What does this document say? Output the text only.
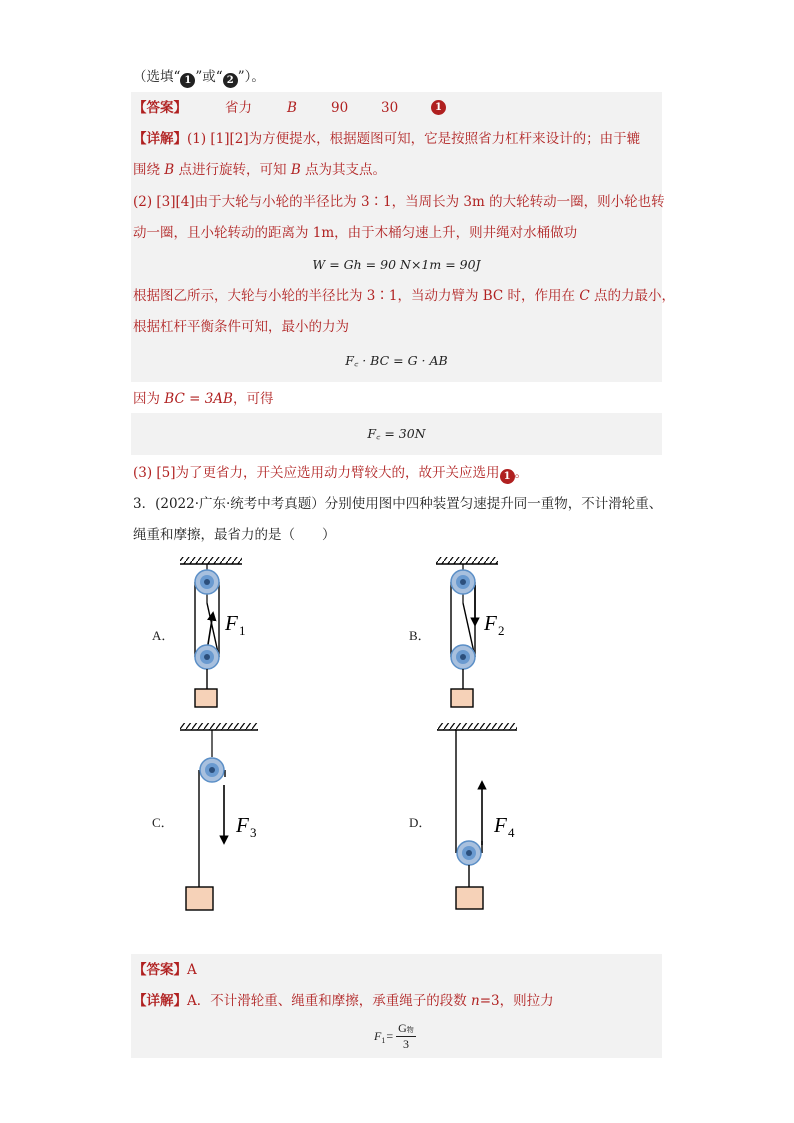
（选填“ 1 ”或“ 2 ”）。
【答案】	省力	B	90 30	1
【详解】(1) [1][2]为方便提水，根据题图可知，它是按照省力杠杆来设计的；由于辘
围绕 B 点进行旋转，可知 B 点为其支点。
(2) [3][4]由于大轮与小轮的半径比为 3∶1，当周长为 3m 的大轮转动一圈，则小轮也转
动一圈，且小轮转动的距离为 1m，由于木桶匀速上升，则井绳对水桶做功
W = Gh = 90 N×1m = 90J
根据图乙所示，大轮与小轮的半径比为 3∶1，当动力臂为 BC 时，作用在 C 点的力最小，
根据杠杆平衡条件可知，最小的力为
F꜀ · BC = G · AB
因为 BC = 3AB，可得
F꜀ = 30N
(3) [5]为了更省力，开关应选用动力臂较大的，故开关应选用 1 。
3．(2022·广东·统考中考真题）分别使用图中四种装置匀速提升同一重物，不计滑轮重、
绳重和摩擦，最省力的是（　　）
A．	B．
C．	D．
F 1	F 2
F 3	F 4
【答案】A
【详解】A．不计滑轮重、绳重和摩擦，承重绳子的段数 n=3，则拉力
F 1 =
G物
3
